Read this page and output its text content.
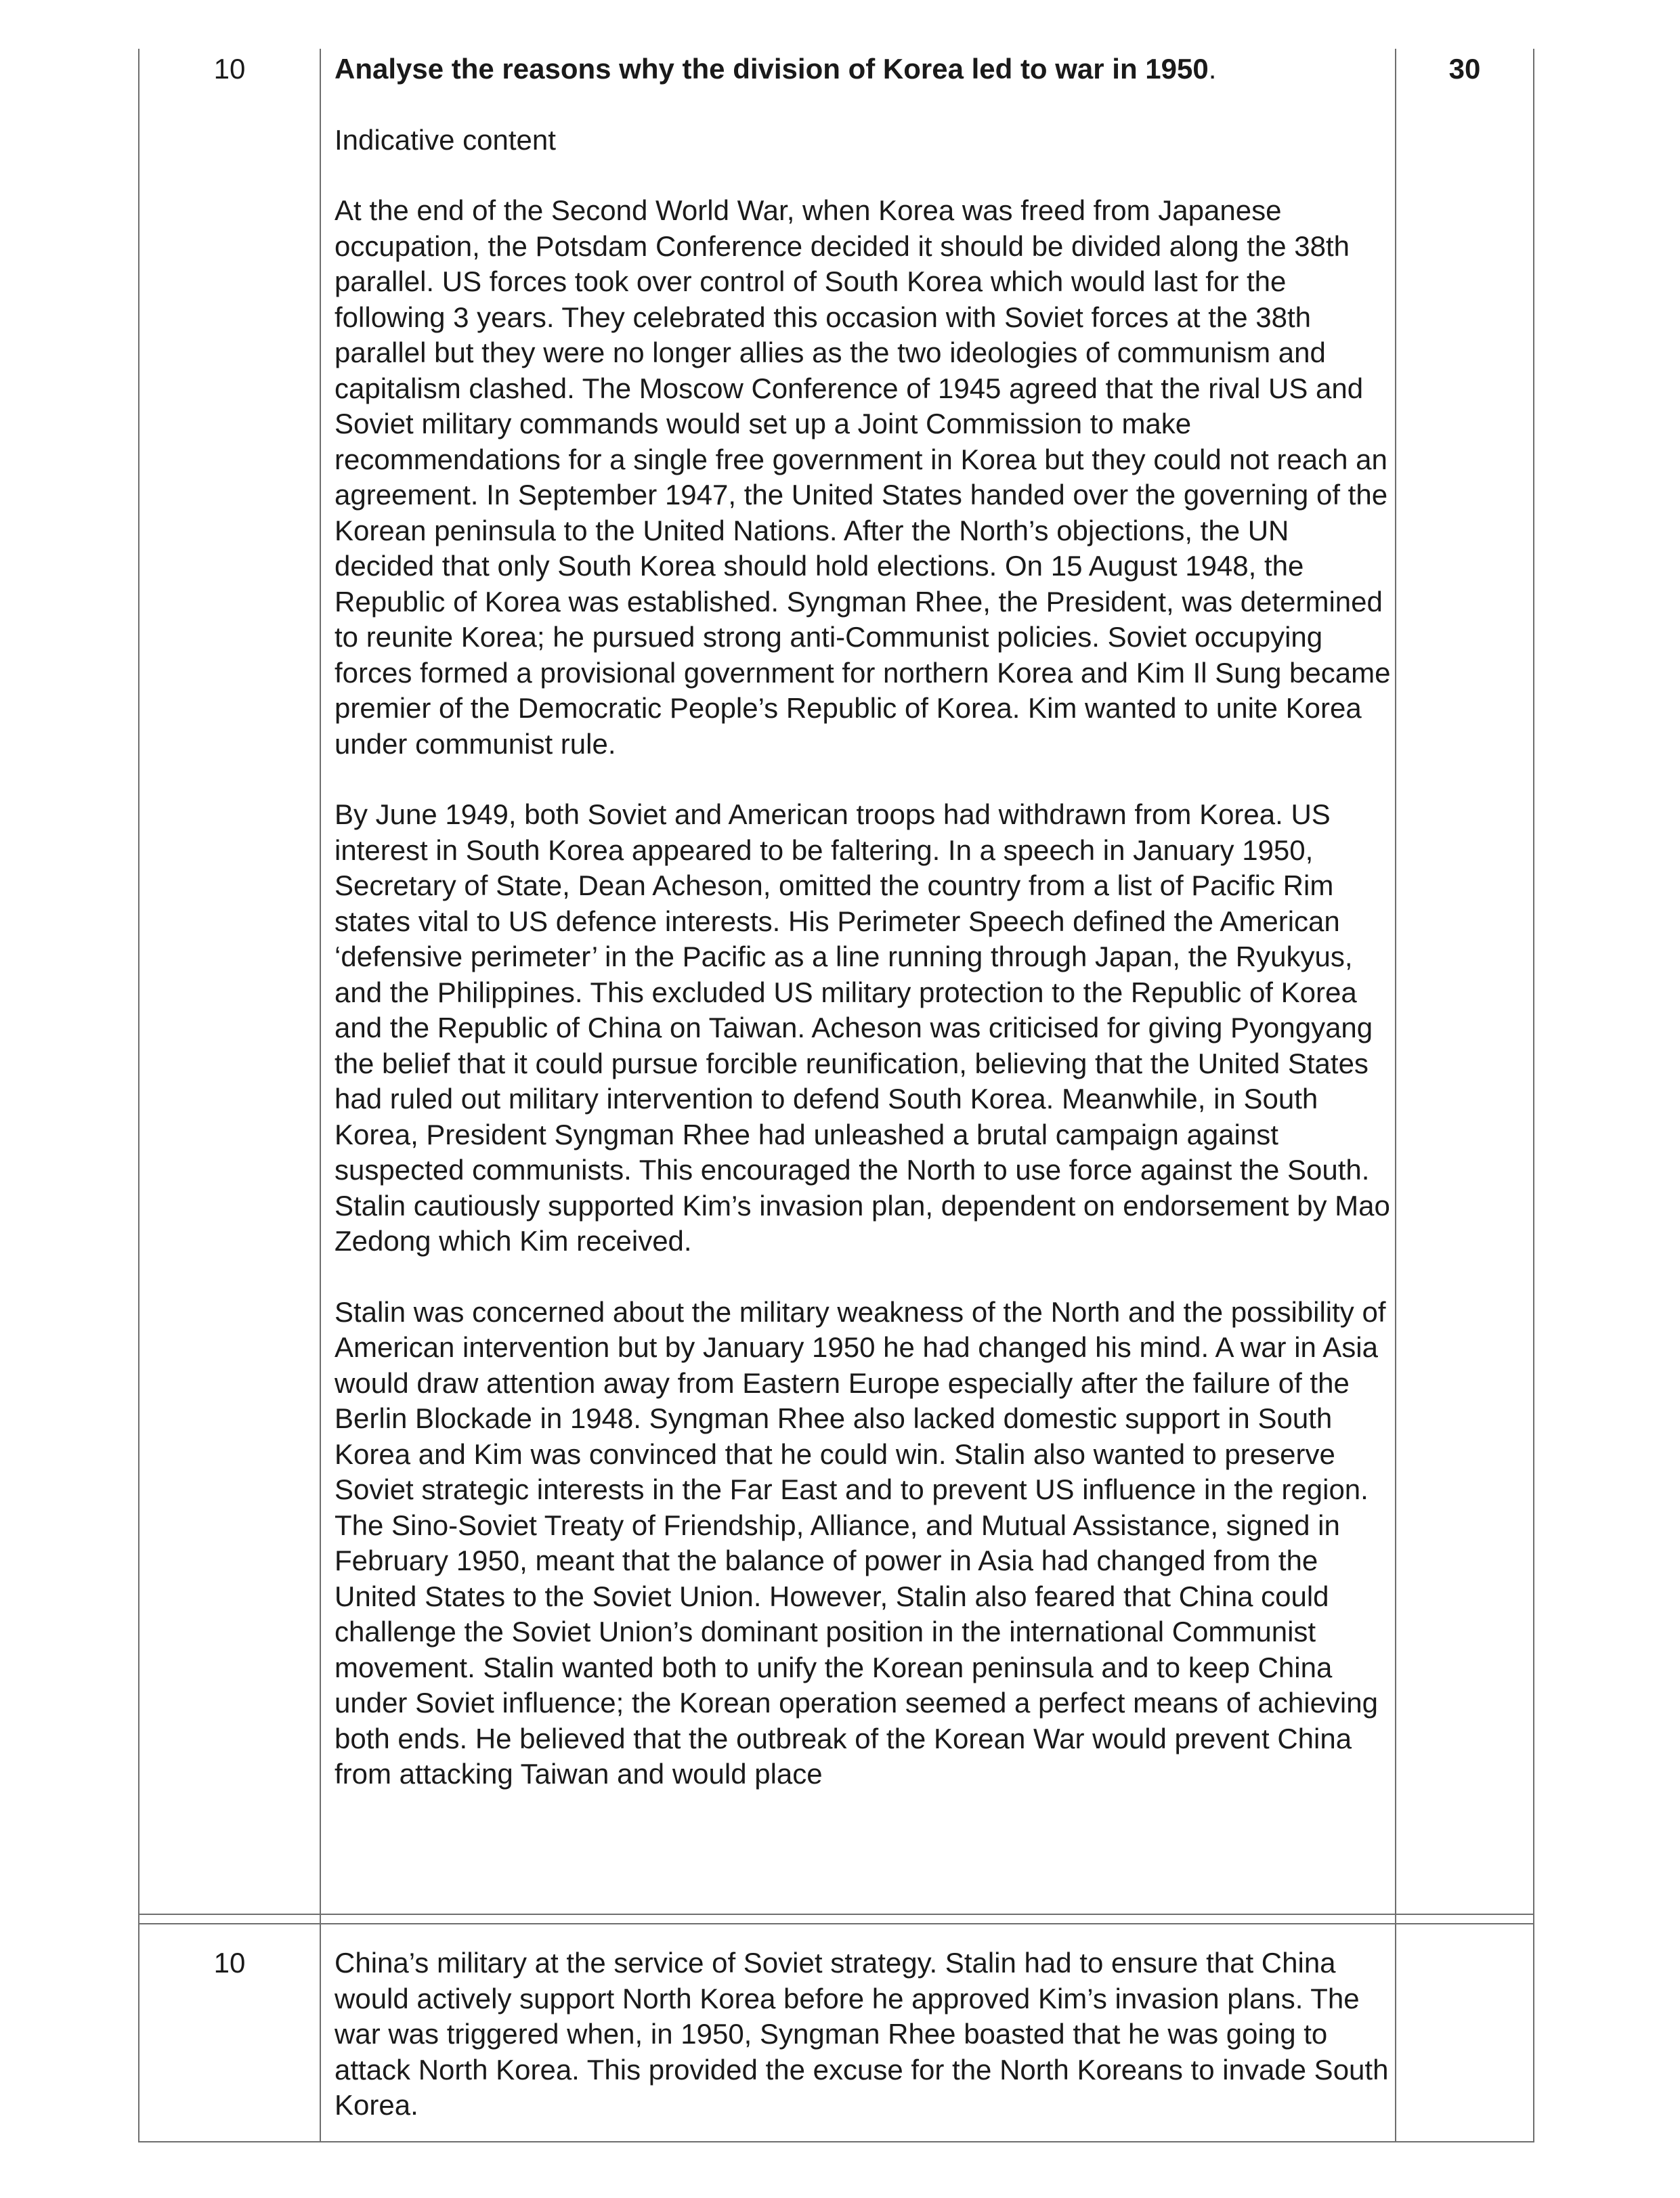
10	30

Analyse the reasons why the division of Korea led to war in 1950.

Indicative content

At the end of the Second World War, when Korea was freed from Japanese occupation, the Potsdam Conference decided it should be divided along the 38th parallel. US forces took over control of South Korea which would last for the following 3 years. They celebrated this occasion with Soviet forces at the 38th parallel but they were no longer allies as the two ideologies of communism and capitalism clashed. The Moscow Conference of 1945 agreed that the rival US and Soviet military commands would set up a Joint Commission to make recommendations for a single free government in Korea but they could not reach an agreement. In September 1947, the United States handed over the governing of the Korean peninsula to the United Nations. After the North’s objections, the UN decided that only South Korea should hold elections. On 15 August 1948, the Republic of Korea was established. Syngman Rhee, the President, was determined to reunite Korea; he pursued strong anti-Communist policies. Soviet occupying forces formed a provisional government for northern Korea and Kim Il Sung became premier of the Democratic People’s Republic of Korea. Kim wanted to unite Korea under communist rule.

By June 1949, both Soviet and American troops had withdrawn from Korea. US interest in South Korea appeared to be faltering. In a speech in January 1950, Secretary of State, Dean Acheson, omitted the country from a list of Pacific Rim states vital to US defence interests. His Perimeter Speech defined the American ‘defensive perimeter’ in the Pacific as a line running through Japan, the Ryukyus, and the Philippines. This excluded US military protection to the Republic of Korea and the Republic of China on Taiwan. Acheson was criticised for giving Pyongyang the belief that it could pursue forcible reunification, believing that the United States had ruled out military intervention to defend South Korea. Meanwhile, in South Korea, President Syngman Rhee had unleashed a brutal campaign against suspected communists. This encouraged the North to use force against the South. Stalin cautiously supported Kim’s invasion plan, dependent on endorsement by Mao Zedong which Kim received.

Stalin was concerned about the military weakness of the North and the possibility of American intervention but by January 1950 he had changed his mind. A war in Asia would draw attention away from Eastern Europe especially after the failure of the Berlin Blockade in 1948. Syngman Rhee also lacked domestic support in South Korea and Kim was convinced that he could win. Stalin also wanted to preserve Soviet strategic interests in the Far East and to prevent US influence in the region. The Sino-Soviet Treaty of Friendship, Alliance, and Mutual Assistance, signed in February 1950, meant that the balance of power in Asia had changed from the United States to the Soviet Union. However, Stalin also feared that China could challenge the Soviet Union’s dominant position in the international Communist movement. Stalin wanted both to unify the Korean peninsula and to keep China under Soviet influence; the Korean operation seemed a perfect means of achieving both ends. He believed that the outbreak of the Korean War would prevent China from attacking Taiwan and would place

10	China’s military at the service of Soviet strategy. Stalin had to ensure that China would actively support North Korea before he approved Kim’s invasion plans. The war was triggered when, in 1950, Syngman Rhee boasted that he was going to attack North Korea. This provided the excuse for the North Koreans to invade South Korea.
